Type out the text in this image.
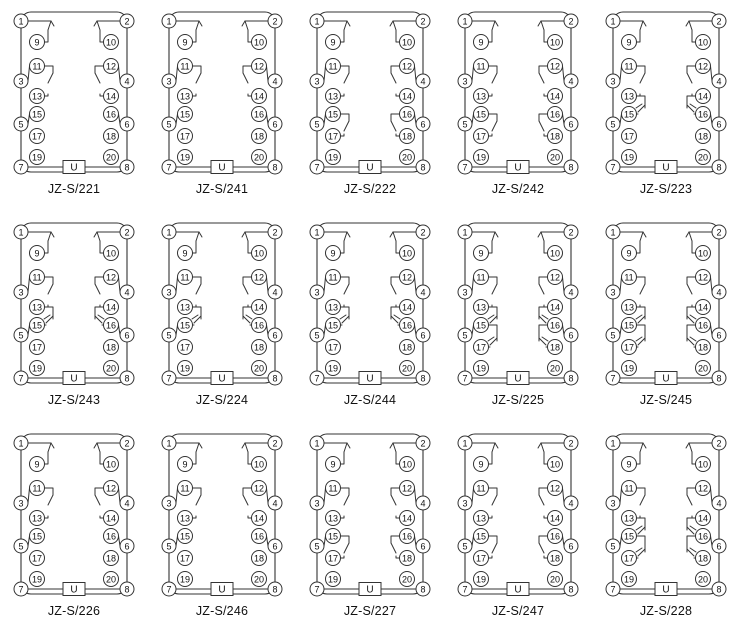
U
1
3
5
7
2
4
6
8
9
11
13
15
17
19
10
12
14
16
18
20
JZ-S/221
U
1
3
5
7
2
4
6
8
9
11
13
15
17
19
10
12
14
16
18
20
JZ-S/241
U
1
3
5
7
2
4
6
8
9
11
13
15
17
19
10
12
14
16
18
20
JZ-S/222
U
1
3
5
7
2
4
6
8
9
11
13
15
17
19
10
12
14
16
18
20
JZ-S/242
U
1
3
5
7
2
4
6
8
9
11
13
15
17
19
10
12
14
16
18
20
JZ-S/223
U
1
3
5
7
2
4
6
8
9
11
13
15
17
19
10
12
14
16
18
20
JZ-S/243
U
1
3
5
7
2
4
6
8
9
11
13
15
17
19
10
12
14
16
18
20
JZ-S/224
U
1
3
5
7
2
4
6
8
9
11
13
15
17
19
10
12
14
16
18
20
JZ-S/244
U
1
3
5
7
2
4
6
8
9
11
13
15
17
19
10
12
14
16
18
20
JZ-S/225
U
1
3
5
7
2
4
6
8
9
11
13
15
17
19
10
12
14
16
18
20
JZ-S/245
U
1
3
5
7
2
4
6
8
9
11
13
15
17
19
10
12
14
16
18
20
JZ-S/226
U
1
3
5
7
2
4
6
8
9
11
13
15
17
19
10
12
14
16
18
20
JZ-S/246
U
1
3
5
7
2
4
6
8
9
11
13
15
17
19
10
12
14
16
18
20
JZ-S/227
U
1
3
5
7
2
4
6
8
9
11
13
15
17
19
10
12
14
16
18
20
JZ-S/247
U
1
3
5
7
2
4
6
8
9
11
13
15
17
19
10
12
14
16
18
20
JZ-S/228
